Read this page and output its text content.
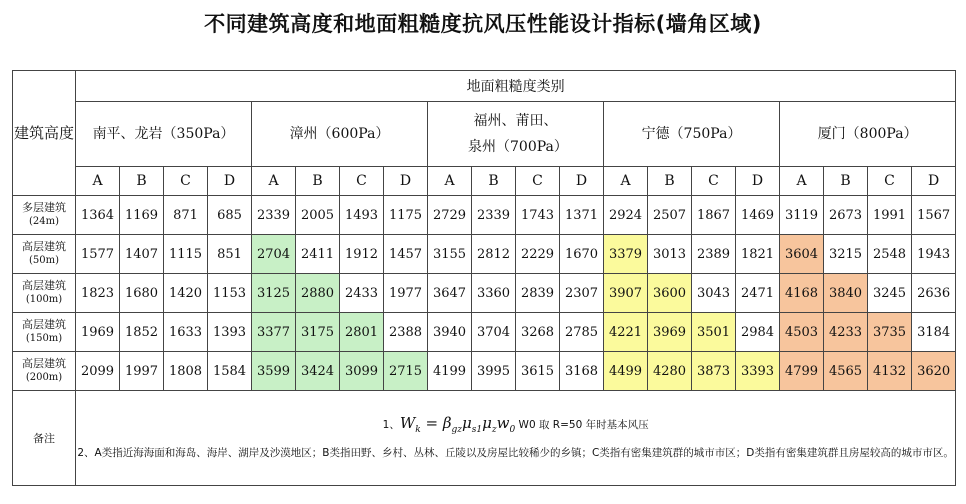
不同建筑高度和地面粗糙度抗风压性能设计指标(墙角区域)
建筑高度	地面粗糙度类别																			
	南平、龙岩（350Pa）				漳州（600Pa）				福州、莆田、泉州（700Pa）				宁德（750Pa）				厦门（800Pa）			
	A	B	C	D	A	B	C	D	A	B	C	D	A	B	C	D	A	B	C	D

多层建筑
(24m)	1364	1169	871	685	2339	2005	1493	1175	2729	2339	1743	1371	2924	2507	1867	1469	3119	2673	1991	1567

高层建筑
(50m)	1577	1407	1115	851	2704	2411	1912	1457	3155	2812	2229	1670	3379	3013	2389	1821	3604	3215	2548	1943

高层建筑
(100m)	1823	1680	1420	1153	3125	2880	2433	1977	3647	3360	2839	2307	3907	3600	3043	2471	4168	3840	3245	2636

高层建筑
(150m)	1969	1852	1633	1393	3377	3175	2801	2388	3940	3704	3268	2785	4221	3969	3501	2984	4503	4233	3735	3184

高层建筑
(200m)	2099	1997	1808	1584	3599	3424	3099	2715	4199	3995	3615	3168	4499	4280	3873	3393	4799	4565	4132	3620
备注	1、$W_k = \beta_{gz}\mu_{s1}\mu_zw_0$ W0 取 R=50 年时基本风压
2、A类指近海海面和海岛、海岸、湖岸及沙漠地区；B类指田野、乡村、丛林、丘陵以及房屋比较稀少的乡镇；C类指有密集建筑群的城市市区；D类指有密集建筑群且房屋较高的城市市区。																			
